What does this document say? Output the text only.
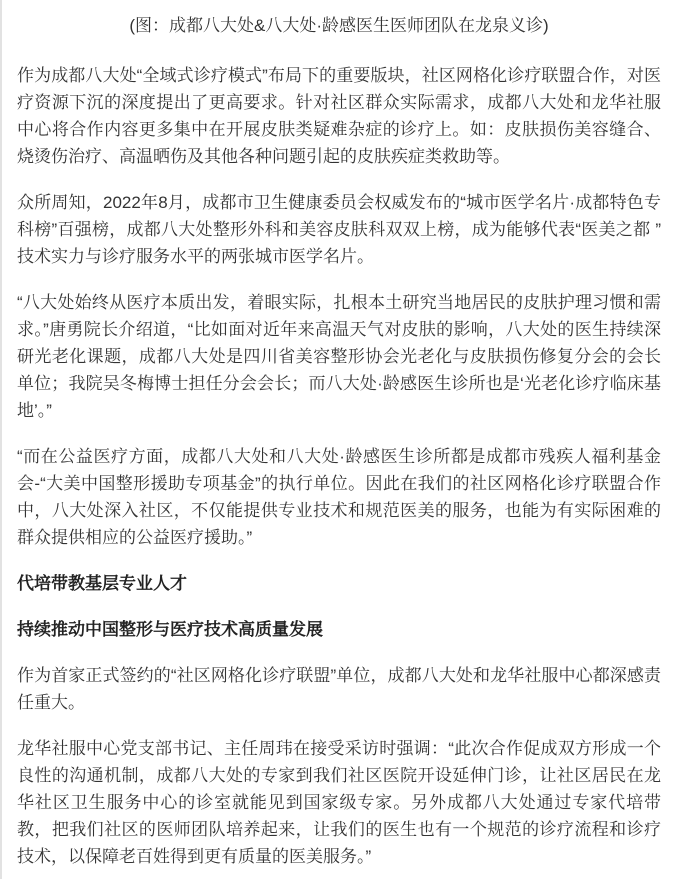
(图：成都八大处&八大处·龄感医生医师团队在龙泉义诊)

作为成都八大处“全域式诊疗模式”布局下的重要版块，社区网格化诊疗联盟合作，对医疗资源下沉的深度提出了更高要求。针对社区群众实际需求，成都八大处和龙华社服中心将合作内容更多集中在开展皮肤类疑难杂症的诊疗上。如：皮肤损伤美容缝合、烧烫伤治疗、高温晒伤及其他各种问题引起的皮肤疾症类救助等。

众所周知，2022年8月，成都市卫生健康委员会权威发布的“城市医学名片·成都特色专科榜”百强榜，成都八大处整形外科和美容皮肤科双双上榜，成为能够代表“医美之都 ”技术实力与诊疗服务水平的两张城市医学名片。

“八大处始终从医疗本质出发，着眼实际，扎根本土研究当地居民的皮肤护理习惯和需求。”唐勇院长介绍道，“比如面对近年来高温天气对皮肤的影响，八大处的医生持续深研光老化课题，成都八大处是四川省美容整形协会光老化与皮肤损伤修复分会的会长单位；我院吴冬梅博士担任分会会长；而八大处·龄感医生诊所也是‘光老化诊疗临床基地’。”

“而在公益医疗方面，成都八大处和八大处·龄感医生诊所都是成都市残疾人福利基金会-“大美中国整形援助专项基金”的执行单位。因此在我们的社区网格化诊疗联盟合作中，八大处深入社区，不仅能提供专业技术和规范医美的服务，也能为有实际困难的群众提供相应的公益医疗援助。”

代培带教基层专业人才
持续推动中国整形与医疗技术高质量发展

作为首家正式签约的“社区网格化诊疗联盟”单位，成都八大处和龙华社服中心都深感责任重大。

龙华社服中心党支部书记、主任周玮在接受采访时强调：“此次合作促成双方形成一个良性的沟通机制，成都八大处的专家到我们社区医院开设延伸门诊，让社区居民在龙华社区卫生服务中心的诊室就能见到国家级专家。另外成都八大处通过专家代培带教，把我们社区的医师团队培养起来，让我们的医生也有一个规范的诊疗流程和诊疗技术，以保障老百姓得到更有质量的医美服务。”
